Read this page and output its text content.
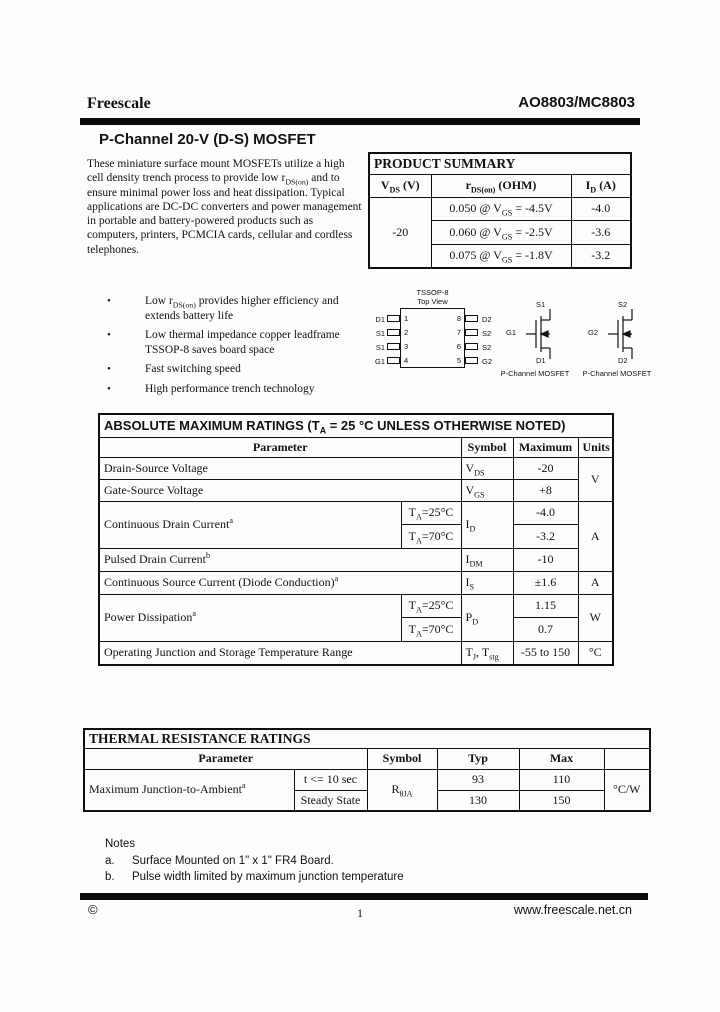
Freescale	AO8803/MC8803
P-Channel 20-V (D-S) MOSFET
These miniature surface mount MOSFETs utilize a high cell density trench process to provide low $r_{DS(on)}$ and to ensure minimal power loss and heat dissipation. Typical applications are DC-DC converters and power management in portable and battery-powered products such as computers, printers, PCMCIA cards, cellular and cordless telephones.
•	Low $r_{DS(on)}$ provides higher efficiency and extends battery life
•	Low thermal impedance copper leadframe TSSOP-8 saves board space
•	Fast switching speed
•	High performance trench technology
PRODUCT SUMMARY		
$V_{DS}$ (V)	$r_{DS(on)}$ (OHM)	$I_D$ (A)
-20	0.050 @ $V_{GS} = -4.5V$	-4.0
	0.060 @ $V_{GS} = -2.5V$	-3.6
	0.075 @ $V_{GS} = -1.8V$	-3.2
TSSOP-8
Top View
D1	1
S1	2
S1	3
G1	4
8	D2
7	S2
6	S2
5	G2
S1
G1
D1
P-Channel MOSFET
S2
G2
D2
P-Channel MOSFET
ABSOLUTE MAXIMUM RATINGS ($T_A = 25$ °C UNLESS OTHERWISE NOTED)				
Parameter		Symbol	Maximum	Units
Drain-Source Voltage		$V_{DS}$	-20	V
Gate-Source Voltage		$V_{GS}$	+8	
Continuous Drain Current$^a$	$T_A=25^\circ C$	$I_D$	-4.0	A
	$T_A=70^\circ C$		-3.2	
Pulsed Drain Current$^b$		$I_{DM}$	-10	
Continuous Source Current (Diode Conduction)$^a$		$I_S$	±1.6	A
Power Dissipation$^a$	$T_A=25^\circ C$	$P_D$	1.15	W
	$T_A=70^\circ C$		0.7	
Operating Junction and Storage Temperature Range		$T_J$, $T_{stg}$	-55 to 150	°C
THERMAL RESISTANCE RATINGS					
Parameter		Symbol	Typ	Max	
Maximum Junction-to-Ambient$^a$	t <= 10 sec	$R_{\theta JA}$	93	110	°C/W
	Steady State		130	150	
Notes
a.	Surface Mounted on 1" x 1" FR4 Board.
b.	Pulse width limited by maximum junction temperature
©	1	www.freescale.net.cn
